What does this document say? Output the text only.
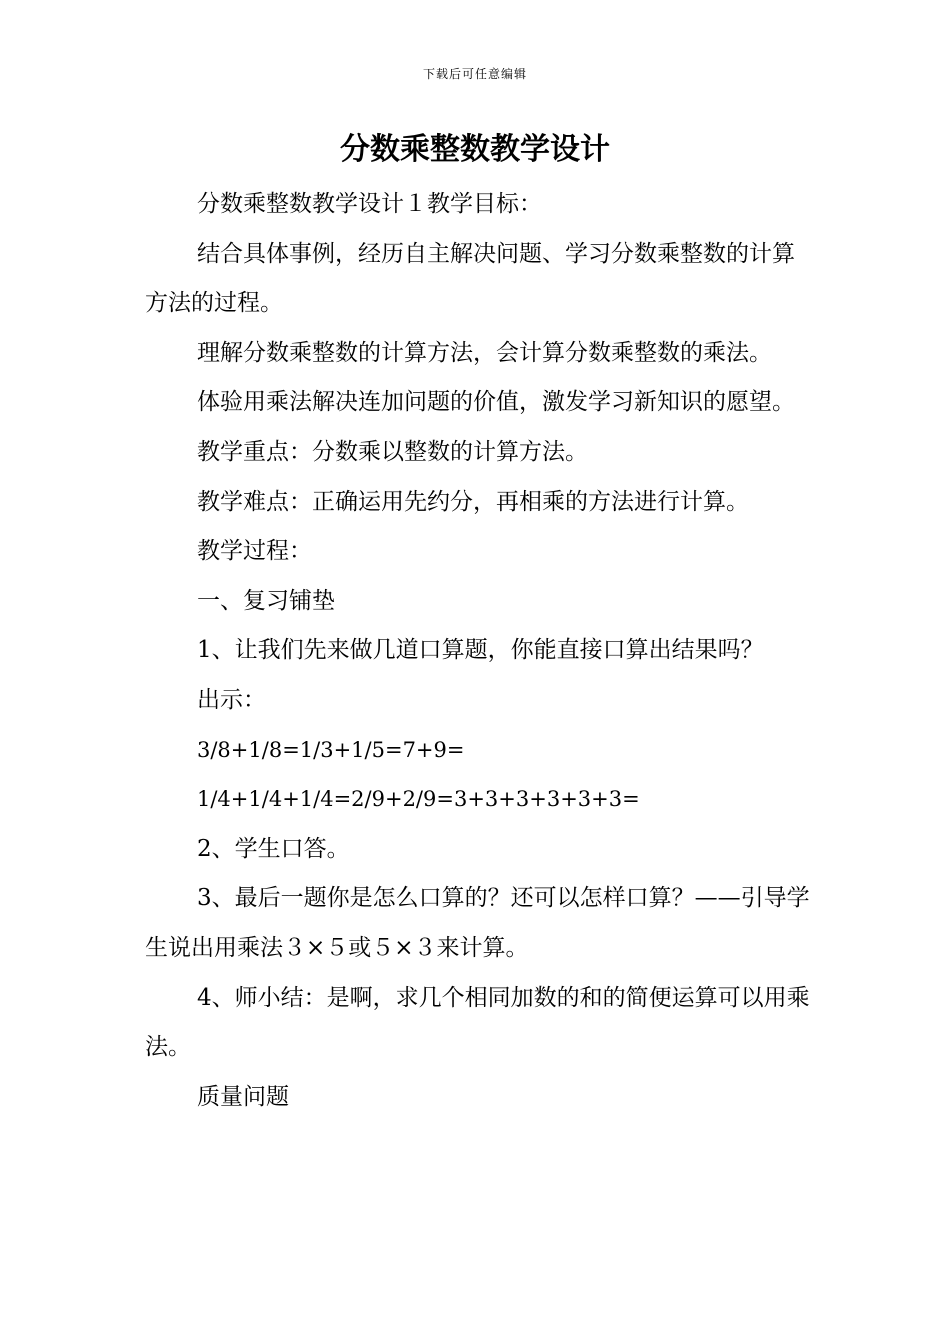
下载后可任意编辑
分数乘整数教学设计

分数乘整数教学设计１教学目标：

结合具体事例，经历自主解决问题、学习分数乘整数的计算方法的过程。

理解分数乘整数的计算方法，会计算分数乘整数的乘法。

体验用乘法解决连加问题的价值，激发学习新知识的愿望。

教学重点：分数乘以整数的计算方法。

教学难点：正确运用先约分，再相乘的方法进行计算。

教学过程：

一、复习铺垫

1、让我们先来做几道口算题，你能直接口算出结果吗？

出示：

3/8+1/8=1/3+1/5=7+9=

1/4+1/4+1/4=2/9+2/9=3+3+3+3+3+3=

2、学生口答。

3、最后一题你是怎么口算的？还可以怎样口算？——引导学生说出用乘法３×５或５×３来计算。

4、师小结：是啊，求几个相同加数的和的简便运算可以用乘法。

质量问题
